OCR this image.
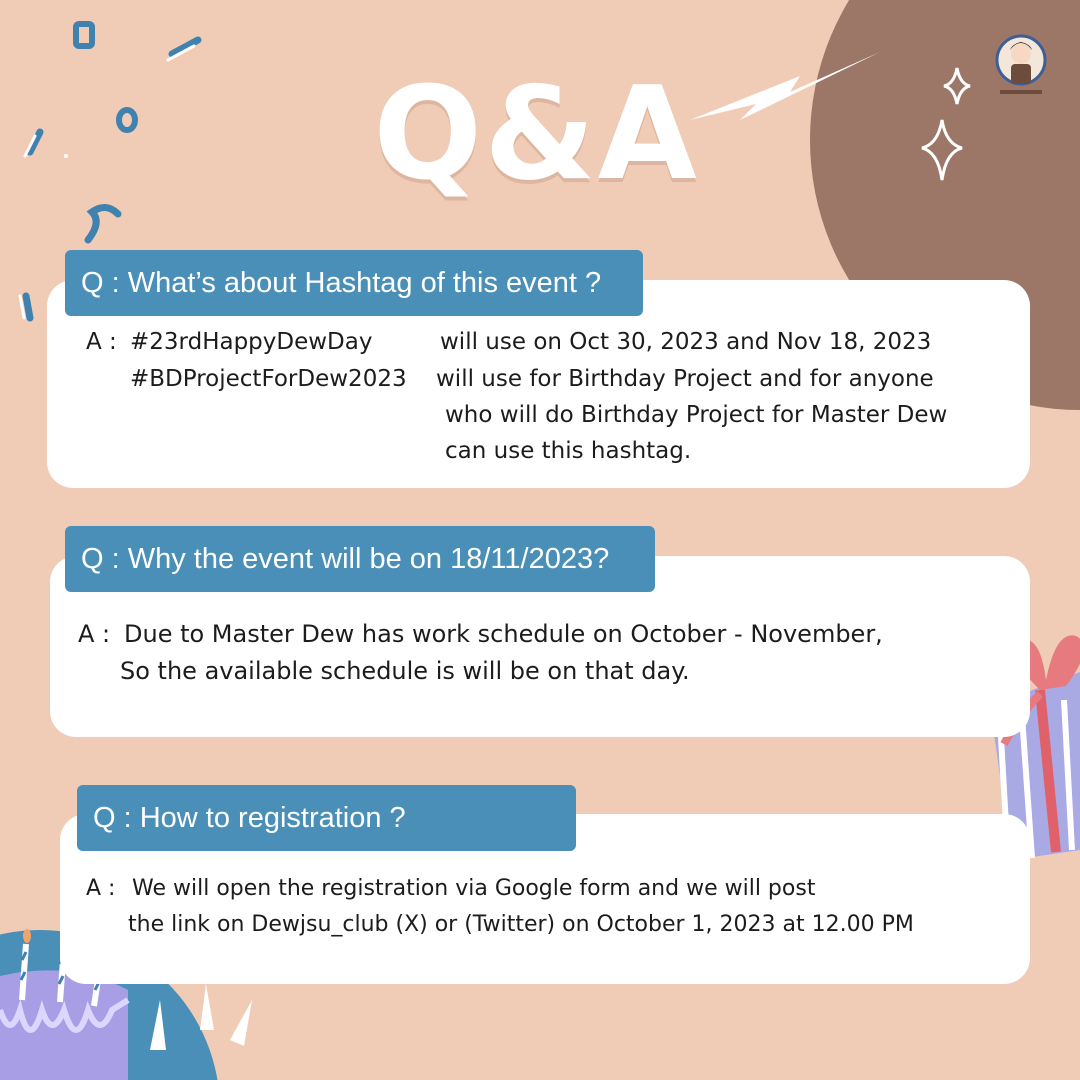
Q&A
Q : What’s about Hashtag of this event ?
A : #23rdHappyDewDay	will use on Oct 30, 2023 and Nov 18, 2023
#BDProjectForDew2023 will use for Birthday Project and for anyone
who will do Birthday Project for Master Dew
can use this hashtag.
Q : Why the event will be on 18/11/2023?
A : Due to Master Dew has work schedule on October - November,
So the available schedule is will be on that day.
Q : How to registration ?
A : We will open the registration via Google form and we will post
the link on Dewjsu_club (X) or (Twitter) on October 1, 2023 at 12.00 PM
